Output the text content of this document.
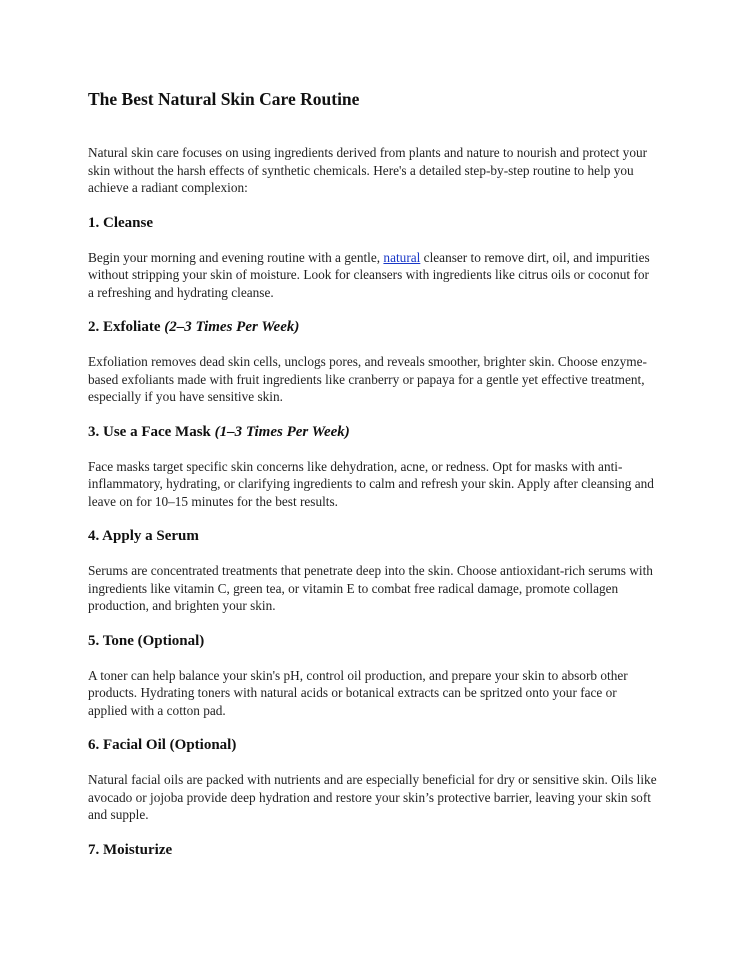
The Best Natural Skin Care Routine

Natural skin care focuses on using ingredients derived from plants and nature to nourish and protect your skin without the harsh effects of synthetic chemicals. Here's a detailed step-by-step routine to help you achieve a radiant complexion:

1. Cleanse

Begin your morning and evening routine with a gentle, natural cleanser to remove dirt, oil, and impurities without stripping your skin of moisture. Look for cleansers with ingredients like citrus oils or coconut for a refreshing and hydrating cleanse.

2. Exfoliate (2–3 Times Per Week)

Exfoliation removes dead skin cells, unclogs pores, and reveals smoother, brighter skin. Choose enzyme-based exfoliants made with fruit ingredients like cranberry or papaya for a gentle yet effective treatment, especially if you have sensitive skin.

3. Use a Face Mask (1–3 Times Per Week)

Face masks target specific skin concerns like dehydration, acne, or redness. Opt for masks with anti-inflammatory, hydrating, or clarifying ingredients to calm and refresh your skin. Apply after cleansing and leave on for 10–15 minutes for the best results.

4. Apply a Serum

Serums are concentrated treatments that penetrate deep into the skin. Choose antioxidant-rich serums with ingredients like vitamin C, green tea, or vitamin E to combat free radical damage, promote collagen production, and brighten your skin.

5. Tone (Optional)

A toner can help balance your skin's pH, control oil production, and prepare your skin to absorb other products. Hydrating toners with natural acids or botanical extracts can be spritzed onto your face or applied with a cotton pad.

6. Facial Oil (Optional)

Natural facial oils are packed with nutrients and are especially beneficial for dry or sensitive skin. Oils like avocado or jojoba provide deep hydration and restore your skin’s protective barrier, leaving your skin soft and supple.

7. Moisturize
